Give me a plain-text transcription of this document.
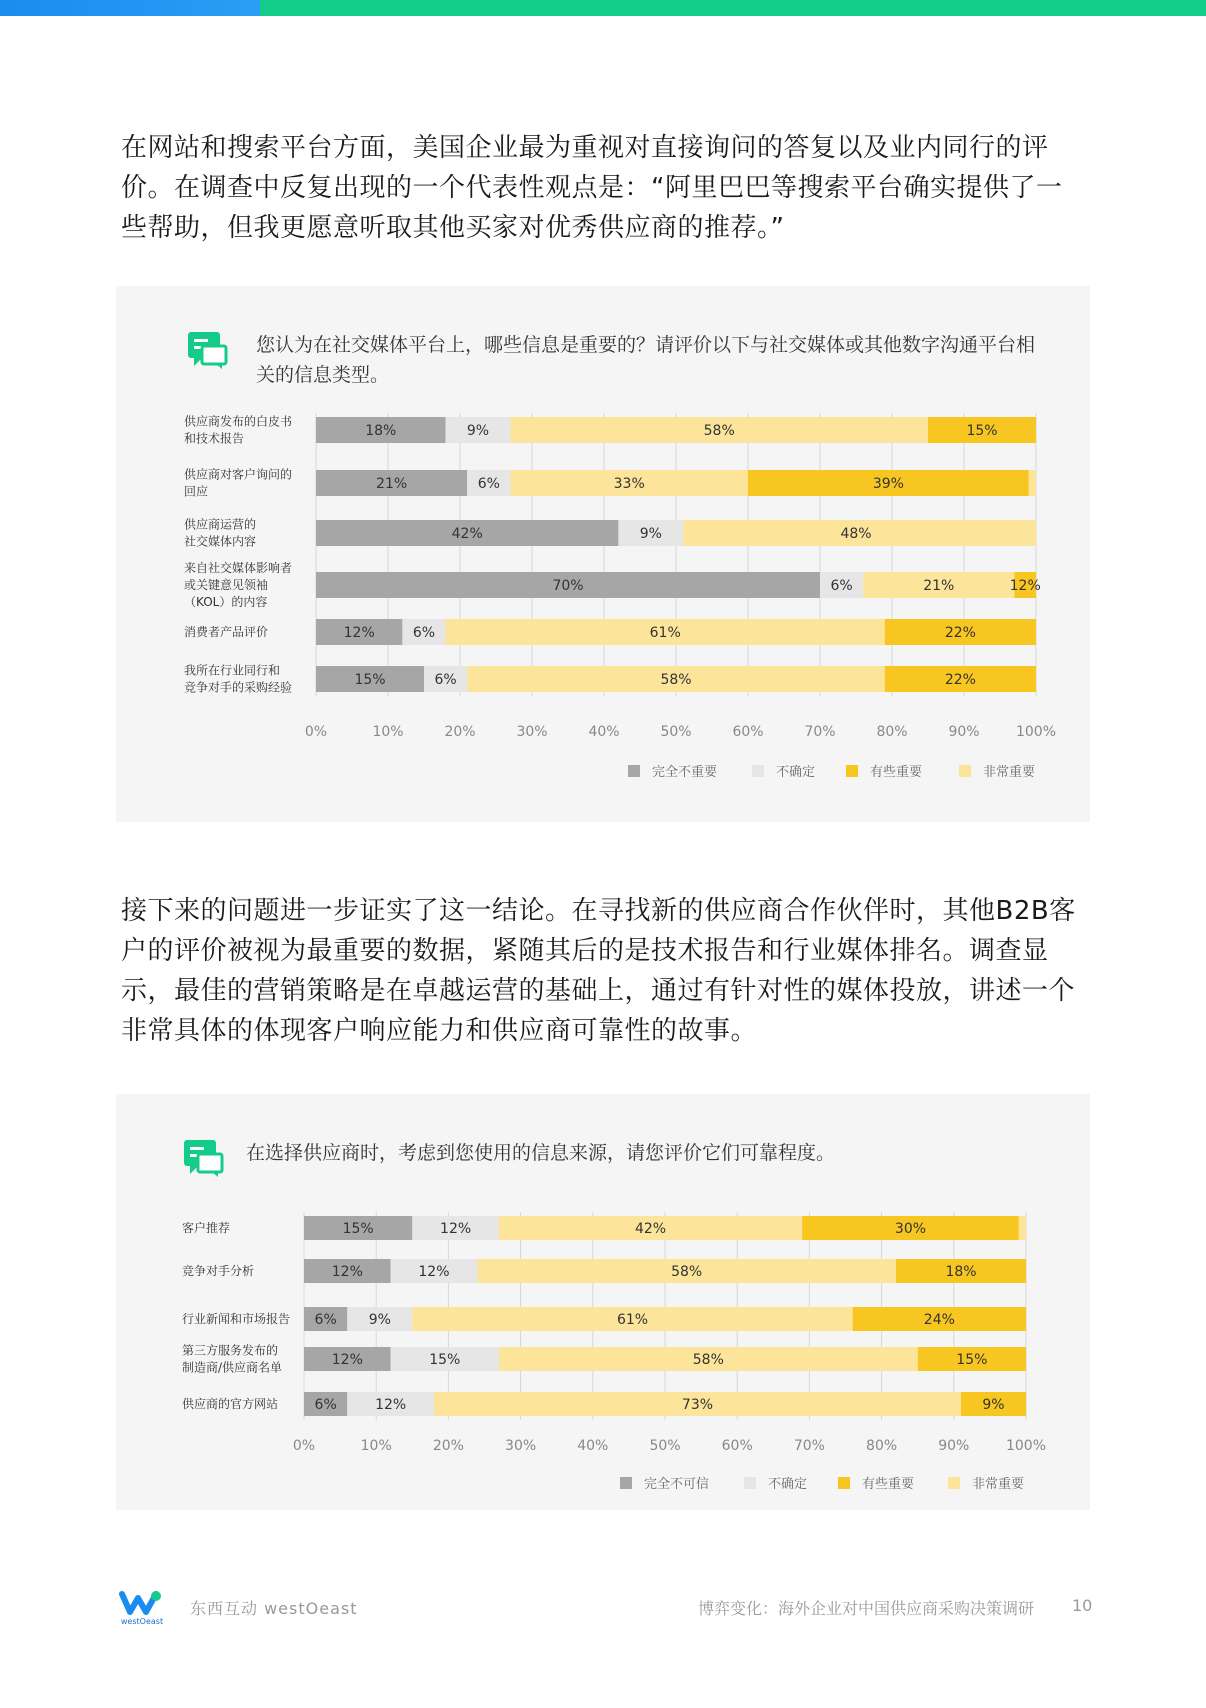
在网站和搜索平台方面，美国企业最为重视对直接询问的答复以及业内同行的评价。在调查中反复出现的一个代表性观点是：“阿里巴巴等搜索平台确实提供了一些帮助，但我更愿意听取其他买家对优秀供应商的推荐。”

您认为在社交媒体平台上，哪些信息是重要的？请评价以下与社交媒体或其他数字沟通平台相关的信息类型。

0%	10%	20%	30%	40%	50%	60%	70%	80%	90%	100%
供应商发布的白皮书
和技术报告
供应商对客户询问的
回应
供应商运营的
社交媒体内容
来自社交媒体影响者
或关键意见领袖
（KOL）的内容
消费者产品评价
我所在行业同行和
竞争对手的采购经验
18%	9%	58%	15%
21%	6%	33%	39%
42%	9%	48%
70%	6%	21%	12%
12%	6%	61%	22%
15%	6%	58%	22%
完全不重要	不确定	有些重要	非常重要

接下来的问题进一步证实了这一结论。在寻找新的供应商合作伙伴时，其他B2B客户的评价被视为最重要的数据，紧随其后的是技术报告和行业媒体排名。调查显示，最佳的营销策略是在卓越运营的基础上，通过有针对性的媒体投放，讲述一个非常具体的体现客户响应能力和供应商可靠性的故事。

在选择供应商时，考虑到您使用的信息来源，请您评价它们可靠程度。

0%	10%	20%	30%	40%	50%	60%	70%	80%	90%	100%
客户推荐
竞争对手分析
行业新闻和市场报告
第三方服务发布的
制造商/供应商名单
供应商的官方网站
15%	12%	42%	30%
12%	12%	58%	18%
6% 9%	61%	24%
12%	15%	58%	15%
6%	12%	73%	9%
完全不可信	不确定	有些重要	非常重要
westOeast
东西互动 westOeast	博弈变化：海外企业对中国供应商采购决策调研 10
